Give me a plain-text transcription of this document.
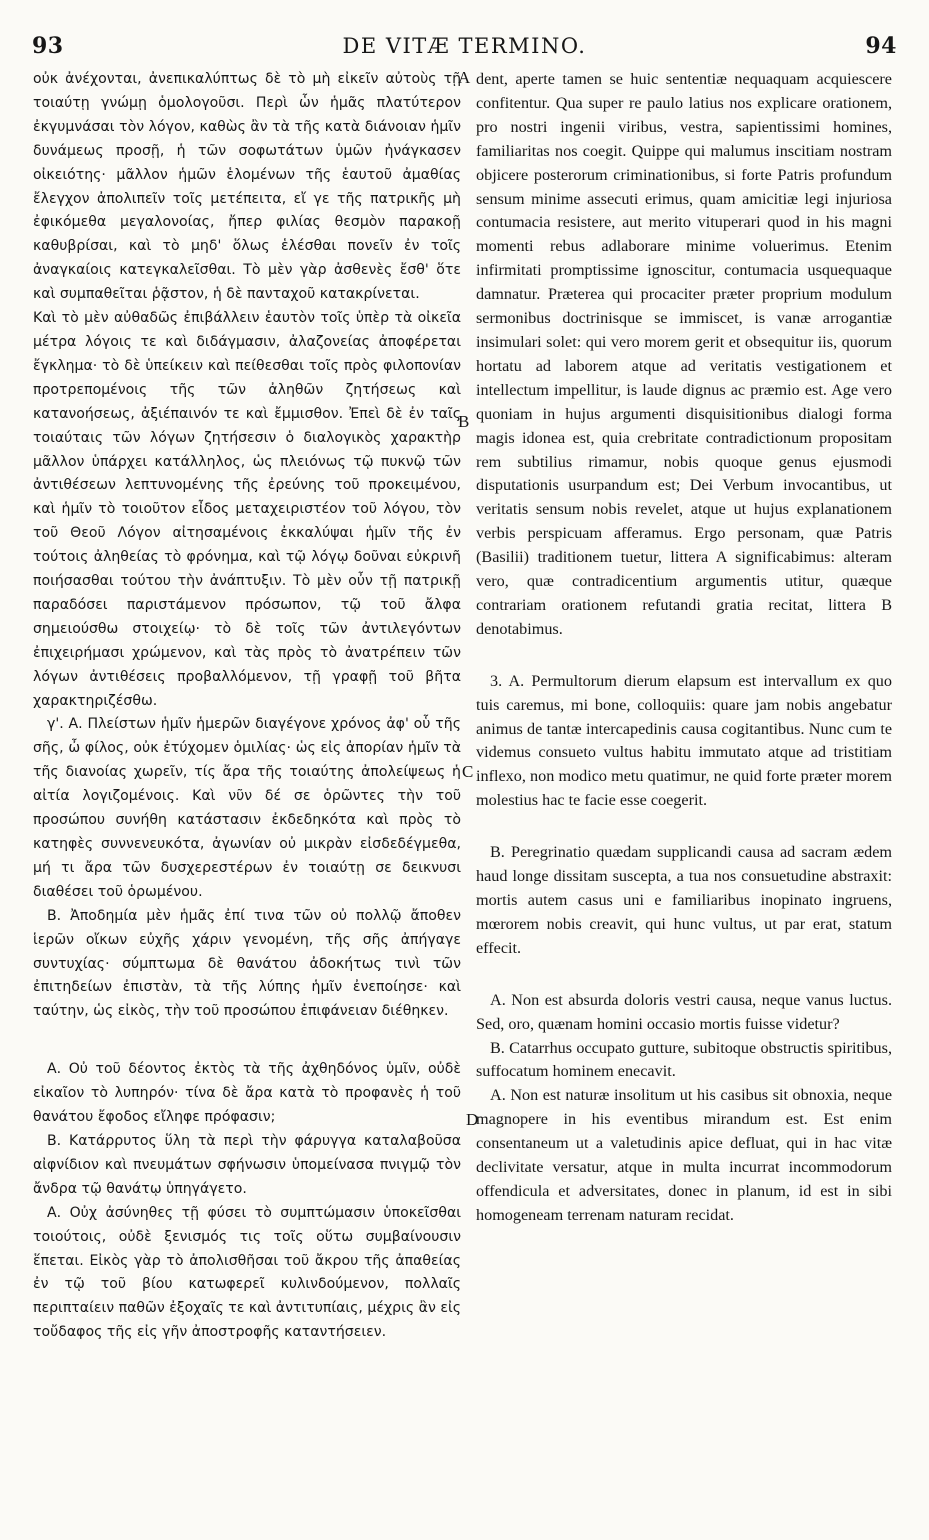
93	DE VITÆ TERMINO.	94
A
B
C
D

οὐκ ἀνέχονται, ἀνεπικαλύπτως δὲ τὸ μὴ εἰκεῖν αὐτοὺς τῇ τοιαύτῃ γνώμῃ ὁμολογοῦσι. Περὶ ὧν ἡμᾶς πλατύτερον ἐκγυμνάσαι τὸν λόγον, καθὼς ἂν τὰ τῆς κατὰ διάνοιαν ἡμῖν δυνάμεως προσῇ, ἡ τῶν σοφωτάτων ὑμῶν ἠνάγκασεν οἰκειότης· μᾶλλον ἡμῶν ἑλομένων τῆς ἑαυτοῦ ἀμαθίας ἔλεγχον ἀπολιπεῖν τοῖς μετέπειτα, εἴ γε τῆς πατρικῆς μὴ ἐφικόμεθα μεγαλονοίας, ἤπερ φιλίας θεσμὸν παρακοῇ καθυβρίσαι, καὶ τὸ μηδ' ὅλως ἑλέσθαι πονεῖν ἐν τοῖς ἀναγκαίοις κατεγκαλεῖσθαι. Τὸ μὲν γὰρ ἀσθενὲς ἔσθ' ὅτε καὶ συμπαθεῖται ῥᾷστον, ἡ δὲ πανταχοῦ κατακρίνεται.

Καὶ τὸ μὲν αὐθαδῶς ἐπιβάλλειν ἑαυτὸν τοῖς ὑπὲρ τὰ οἰκεῖα μέτρα λόγοις τε καὶ διδάγμασιν, ἀλαζονείας ἀποφέρεται ἔγκλημα· τὸ δὲ ὑπείκειν καὶ πείθεσθαι τοῖς πρὸς φιλοπονίαν προτρεπομένοις τῆς τῶν ἀληθῶν ζητήσεως καὶ κατανοήσεως, ἀξιέπαινόν τε καὶ ἔμμισθον. Ἐπεὶ δὲ ἐν ταῖς τοιαύταις τῶν λόγων ζητήσεσιν ὁ διαλογικὸς χαρακτὴρ μᾶλλον ὑπάρχει κατάλληλος, ὡς πλειόνως τῷ πυκνῷ τῶν ἀντιθέσεων λεπτυνομένης τῆς ἐρεύνης τοῦ προκειμένου, καὶ ἡμῖν τὸ τοιοῦτον εἶδος μεταχειριστέον τοῦ λόγου, τὸν τοῦ Θεοῦ Λόγον αἰτησαμένοις ἐκκαλύψαι ἡμῖν τῆς ἐν τούτοις ἀληθείας τὸ φρόνημα, καὶ τῷ λόγῳ δοῦναι εὐκρινῆ ποιήσασθαι τούτου τὴν ἀνάπτυξιν. Τὸ μὲν οὖν τῇ πατρικῇ παραδόσει παριστάμενον πρόσωπον, τῷ τοῦ ἄλφα σημειούσθω στοιχείῳ· τὸ δὲ τοῖς τῶν ἀντιλεγόντων ἐπιχειρήμασι χρώμενον, καὶ τὰς πρὸς τὸ ἀνατρέπειν τῶν λόγων ἀντιθέσεις προβαλλόμενον, τῇ γραφῇ τοῦ βῆτα χαρακτηριζέσθω.

γ'. Α. Πλείστων ἡμῖν ἡμερῶν διαγέγονε χρόνος ἀφ' οὗ τῆς σῆς, ὦ φίλος, οὐκ ἐτύχομεν ὁμιλίας· ὡς εἰς ἀπορίαν ἡμῖν τὰ τῆς διανοίας χωρεῖν, τίς ἄρα τῆς τοιαύτης ἀπολείψεως ἡ αἰτία λογιζομένοις. Καὶ νῦν δέ σε ὁρῶντες τὴν τοῦ προσώπου συνήθη κατάστασιν ἐκδεδηκότα καὶ πρὸς τὸ κατηφὲς συννενευκότα, ἀγωνίαν οὐ μικρὰν εἰσδεδέγμεθα, μή τι ἄρα τῶν δυσχερεστέρων ἐν τοιαύτῃ σε δεικνυσι διαθέσει τοῦ ὁρωμένου.

Β. Ἀποδημία μὲν ἡμᾶς ἐπί τινα τῶν οὐ πολλῷ ἄποθεν ἱερῶν οἴκων εὐχῆς χάριν γενομένη, τῆς σῆς ἀπήγαγε συντυχίας· σύμπτωμα δὲ θανάτου ἀδοκήτως τινὶ τῶν ἐπιτηδείων ἐπιστὰν, τὰ τῆς λύπης ἡμῖν ἐνεποίησε· καὶ ταύτην, ὡς εἰκὸς, τὴν τοῦ προσώπου ἐπιφάνειαν διέθηκεν.

Α. Οὐ τοῦ δέοντος ἐκτὸς τὰ τῆς ἀχθηδόνος ὑμῖν, οὐδὲ εἰκαῖον τὸ λυπηρόν· τίνα δὲ ἄρα κατὰ τὸ προφανὲς ἡ τοῦ θανάτου ἔφοδος εἴληφε πρόφασιν;

Β. Κατάρρυτος ὕλη τὰ περὶ τὴν φάρυγγα καταλαβοῦσα αἰφνίδιον καὶ πνευμάτων σφήνωσιν ὑπομείνασα πνιγμῷ τὸν ἄνδρα τῷ θανάτῳ ὑπηγάγετο.

Α. Οὐχ ἀσύνηθες τῇ φύσει τὸ συμπτώμασιν ὑποκεῖσθαι τοιούτοις, οὐδὲ ξενισμός τις τοῖς οὕτω συμβαίνουσιν ἕπεται. Εἰκὸς γὰρ τὸ ἀπολισθῆσαι τοῦ ἄκρου τῆς ἀπαθείας ἐν τῷ τοῦ βίου κατωφερεῖ κυλινδούμενον, πολλαῖς περιπταίειν παθῶν ἐξοχαῖς τε καὶ ἀντιτυπίαις, μέχρις ἂν εἰς τοὔδαφος τῆς εἰς γῆν ἀποστροφῆς καταντήσειεν.

dent, aperte tamen se huic sententiæ nequaquam acquiescere confitentur. Qua super re paulo latius nos explicare orationem, pro nostri ingenii viribus, vestra, sapientissimi homines, familiaritas nos coegit. Quippe qui malumus inscitiam nostram objicere posterorum criminationibus, si forte Patris profundum sensum minime assecuti erimus, quam amicitiæ legi injuriosa contumacia resistere, aut merito vituperari quod in his magni momenti rebus adlaborare minime voluerimus. Etenim infirmitati promptissime ignoscitur, contumacia usquequaque damnatur. Præterea qui procaciter præter proprium modulum sermonibus doctrinisque se immiscet, is vanæ arrogantiæ insimulari solet: qui vero morem gerit et obsequitur iis, quorum hortatu ad laborem atque ad veritatis vestigationem et intellectum impellitur, is laude dignus ac præmio est. Age vero quoniam in hujus argumenti disquisitionibus dialogi forma magis idonea est, quia crebritate contradictionum propositam rem subtilius rimamur, nobis quoque genus ejusmodi disputationis usurpandum est; Dei Verbum invocantibus, ut veritatis sensum nobis revelet, atque ut hujus explanationem verbis perspicuam afferamus. Ergo personam, quæ Patris (Basilii) traditionem tuetur, littera A significabimus: alteram vero, quæ contradicentium argumentis utitur, quæque contrariam orationem refutandi gratia recitat, littera B denotabimus.

3. A. Permultorum dierum elapsum est intervallum ex quo tuis caremus, mi bone, colloquiis: quare jam nobis angebatur animus de tantæ intercapedinis causa cogitantibus. Nunc cum te videmus consueto vultus habitu immutato atque ad tristitiam inflexo, non modico metu quatimur, ne quid forte præter morem molestius hac te facie esse coegerit.

B. Peregrinatio quædam supplicandi causa ad sacram ædem haud longe dissitam suscepta, a tua nos consuetudine abstraxit: mortis autem casus uni e familiaribus inopinato ingruens, mœrorem nobis creavit, qui hunc vultus, ut par erat, statum effecit.

A. Non est absurda doloris vestri causa, neque vanus luctus. Sed, oro, quænam homini occasio mortis fuisse videtur?

B. Catarrhus occupato gutture, subitoque obstructis spiritibus, suffocatum hominem enecavit.

A. Non est naturæ insolitum ut his casibus sit obnoxia, neque magnopere in his eventibus mirandum est. Est enim consentaneum ut a valetudinis apice defluat, qui in hac vitæ declivitate versatur, atque in multa incurrat incommodorum offendicula et adversitates, donec in planum, id est in sibi homogeneam terrenam naturam recidat.
